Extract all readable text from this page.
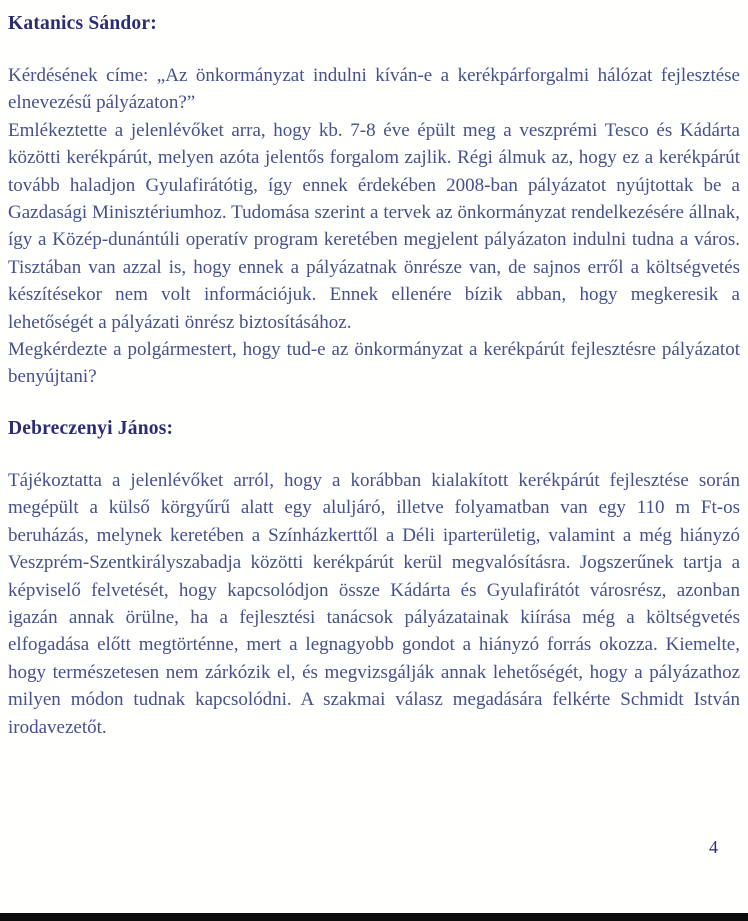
Katanics Sándor:

Kérdésének címe: „Az önkormányzat indulni kíván-e a kerékpárforgalmi hálózat fejlesztése elnevezésű pályázaton?”

Emlékeztette a jelenlévőket arra, hogy kb. 7-8 éve épült meg a veszprémi Tesco és Kádárta közötti kerékpárút, melyen azóta jelentős forgalom zajlik. Régi álmuk az, hogy ez a kerékpárút tovább haladjon Gyulafirátótig, így ennek érdekében 2008-ban pályázatot nyújtottak be a Gazdasági Minisztériumhoz. Tudomása szerint a tervek az önkormányzat rendelkezésére állnak, így a Közép-dunántúli operatív program keretében megjelent pályázaton indulni tudna a város. Tisztában van azzal is, hogy ennek a pályázatnak önrésze van, de sajnos erről a költségvetés készítésekor nem volt információjuk. Ennek ellenére bízik abban, hogy megkeresik a lehetőségét a pályázati önrész biztosításához.

Megkérdezte a polgármestert, hogy tud-e az önkormányzat a kerékpárút fejlesztésre pályázatot benyújtani?

Debreczenyi János:

Tájékoztatta a jelenlévőket arról, hogy a korábban kialakított kerékpárút fejlesztése során megépült a külső körgyűrű alatt egy aluljáró, illetve folyamatban van egy 110 m Ft-os beruházás, melynek keretében a Színházkerttől a Déli iparterületig, valamint a még hiányzó Veszprém-Szentkirályszabadja közötti kerékpárút kerül megvalósításra. Jogszerűnek tartja a képviselő felvetését, hogy kapcsolódjon össze Kádárta és Gyulafirátót városrész, azonban igazán annak örülne, ha a fejlesztési tanácsok pályázatainak kiírása még a költségvetés elfogadása előtt megtörténne, mert a legnagyobb gondot a hiányzó forrás okozza. Kiemelte, hogy természetesen nem zárkózik el, és megvizsgálják annak lehetőségét, hogy a pályázathoz milyen módon tudnak kapcsolódni. A szakmai válasz megadására felkérte Schmidt István irodavezetőt.

4
